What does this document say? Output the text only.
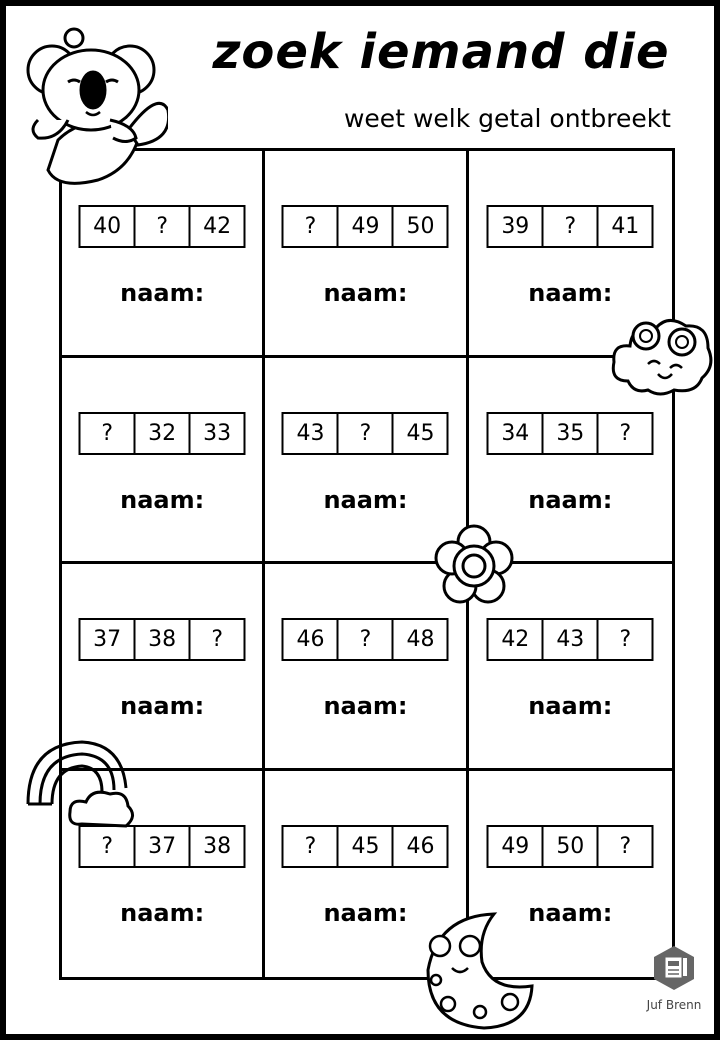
zoek iemand die
weet welk getal ontbreekt
40	?	42
naam:
?	49	50
naam:
39	?	41
naam:
?	32	33
naam:
43	?	45
naam:
34	35	?
naam:
37	38	?
naam:
46	?	48
naam:
42	43	?
naam:
?	37	38
naam:
?	45	46
naam:
49	50	?
naam:
Juf Brenn
